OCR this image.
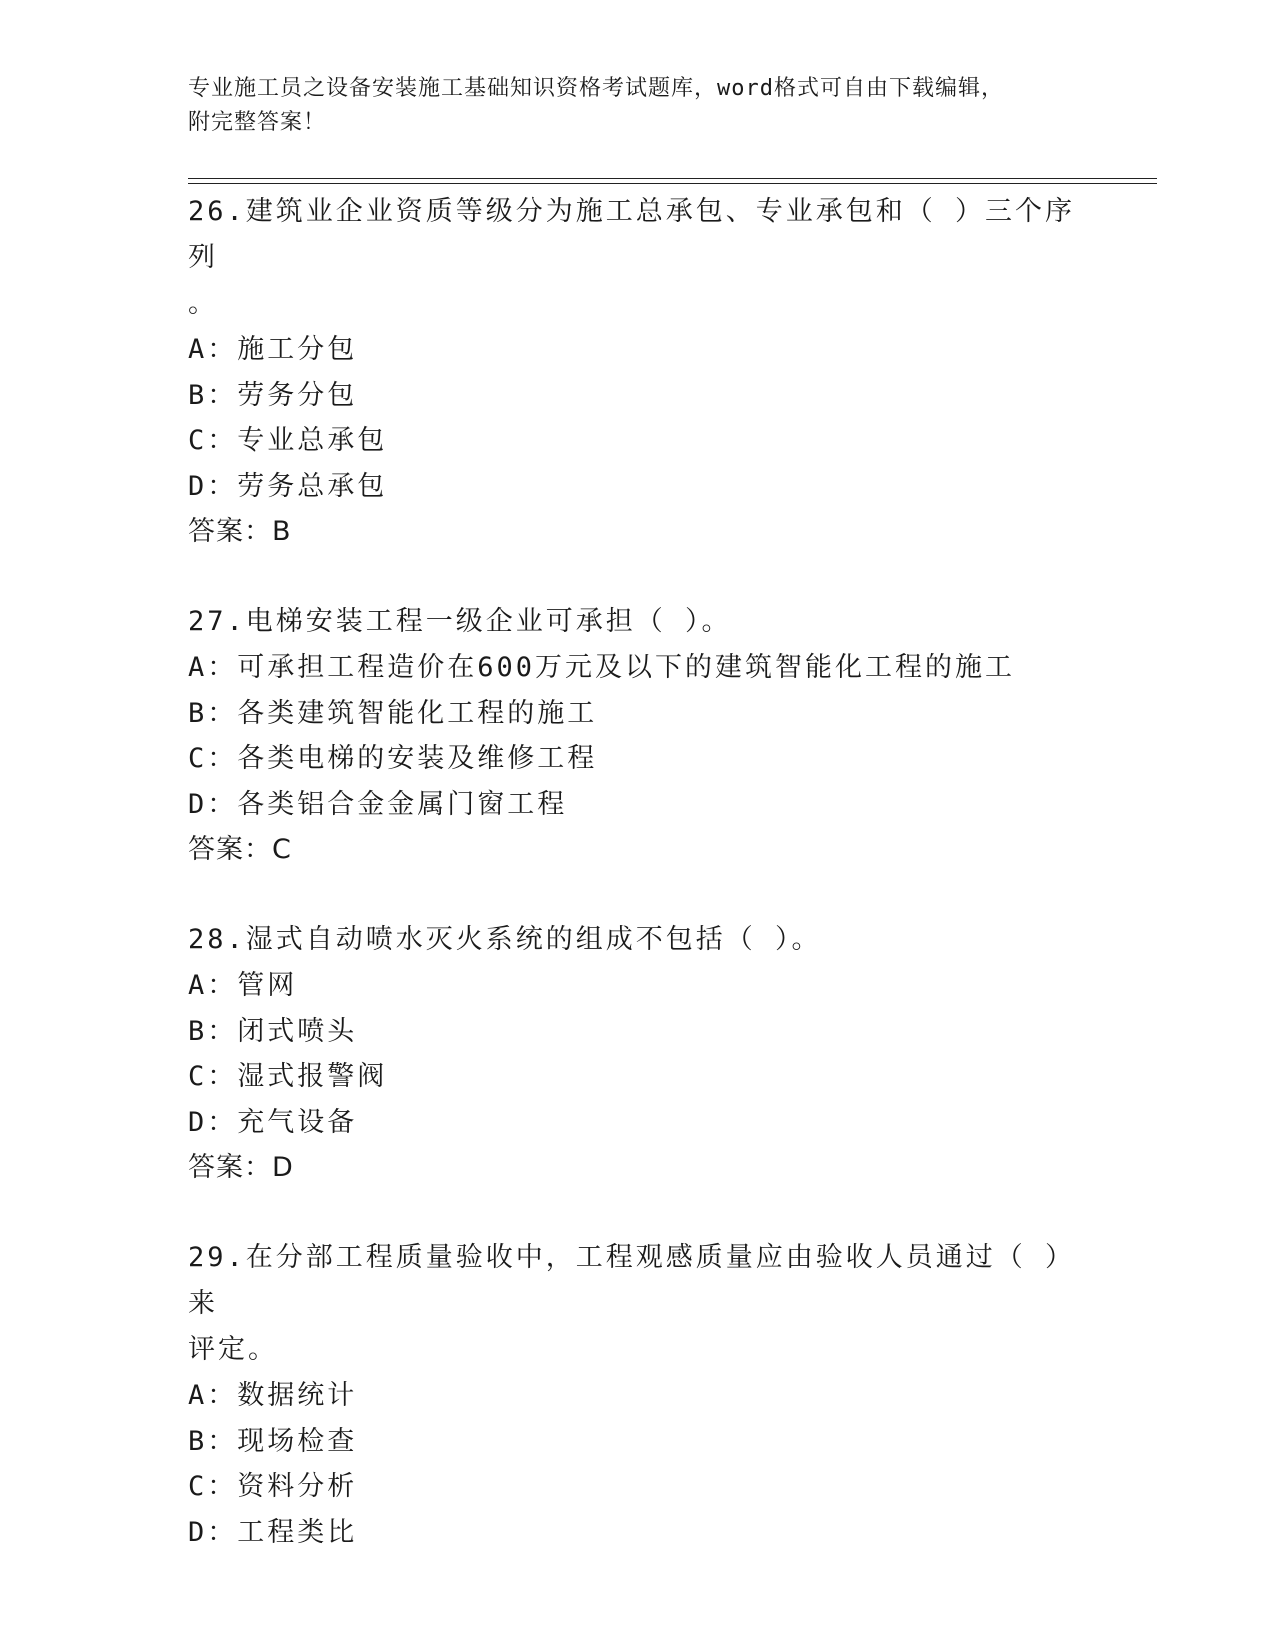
专业施工员之设备安装施工基础知识资格考试题库，word格式可自由下载编辑，
附完整答案！
26.建筑业企业资质等级分为施工总承包、专业承包和（ ）三个序列
。
A：施工分包
B：劳务分包
C：专业总承包
D：劳务总承包
答案：B
27.电梯安装工程一级企业可承担（ ）。
A：可承担工程造价在600万元及以下的建筑智能化工程的施工
B：各类建筑智能化工程的施工
C：各类电梯的安装及维修工程
D：各类铝合金金属门窗工程
答案：C
28.湿式自动喷水灭火系统的组成不包括（ ）。
A：管网
B：闭式喷头
C：湿式报警阀
D：充气设备
答案：D
29.在分部工程质量验收中，工程观感质量应由验收人员通过（ ）来
评定。
A：数据统计
B：现场检查
C：资料分析
D：工程类比
